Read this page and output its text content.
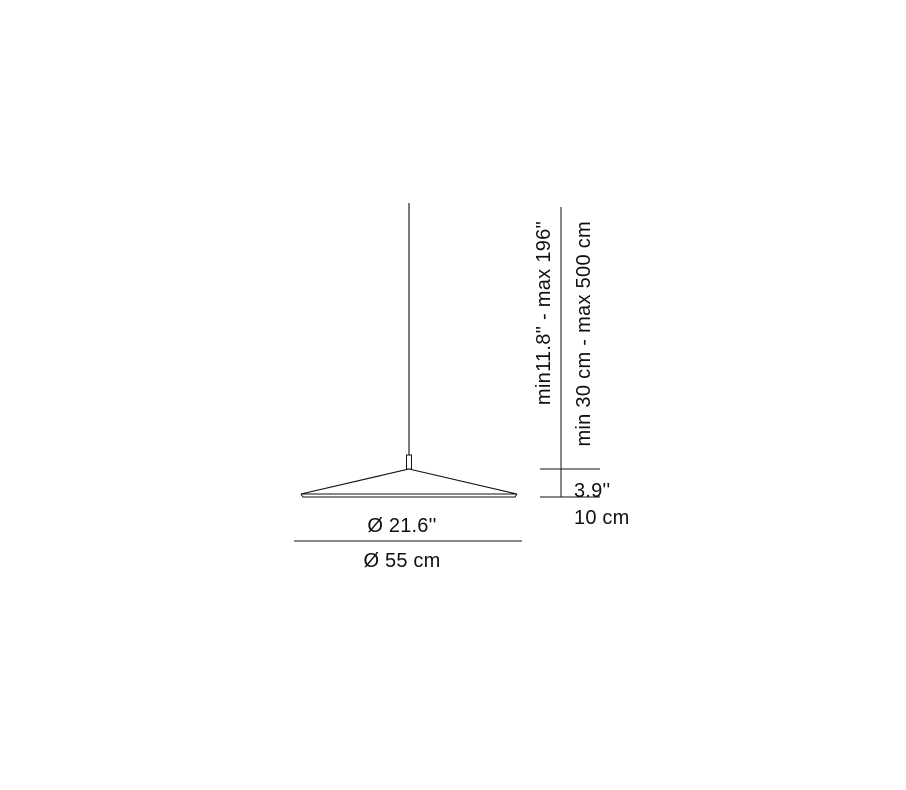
Ø 21.6''
Ø 55 cm
3.9''
10 cm
min11.8" - max 196" min 30 cm - max 500 cm
